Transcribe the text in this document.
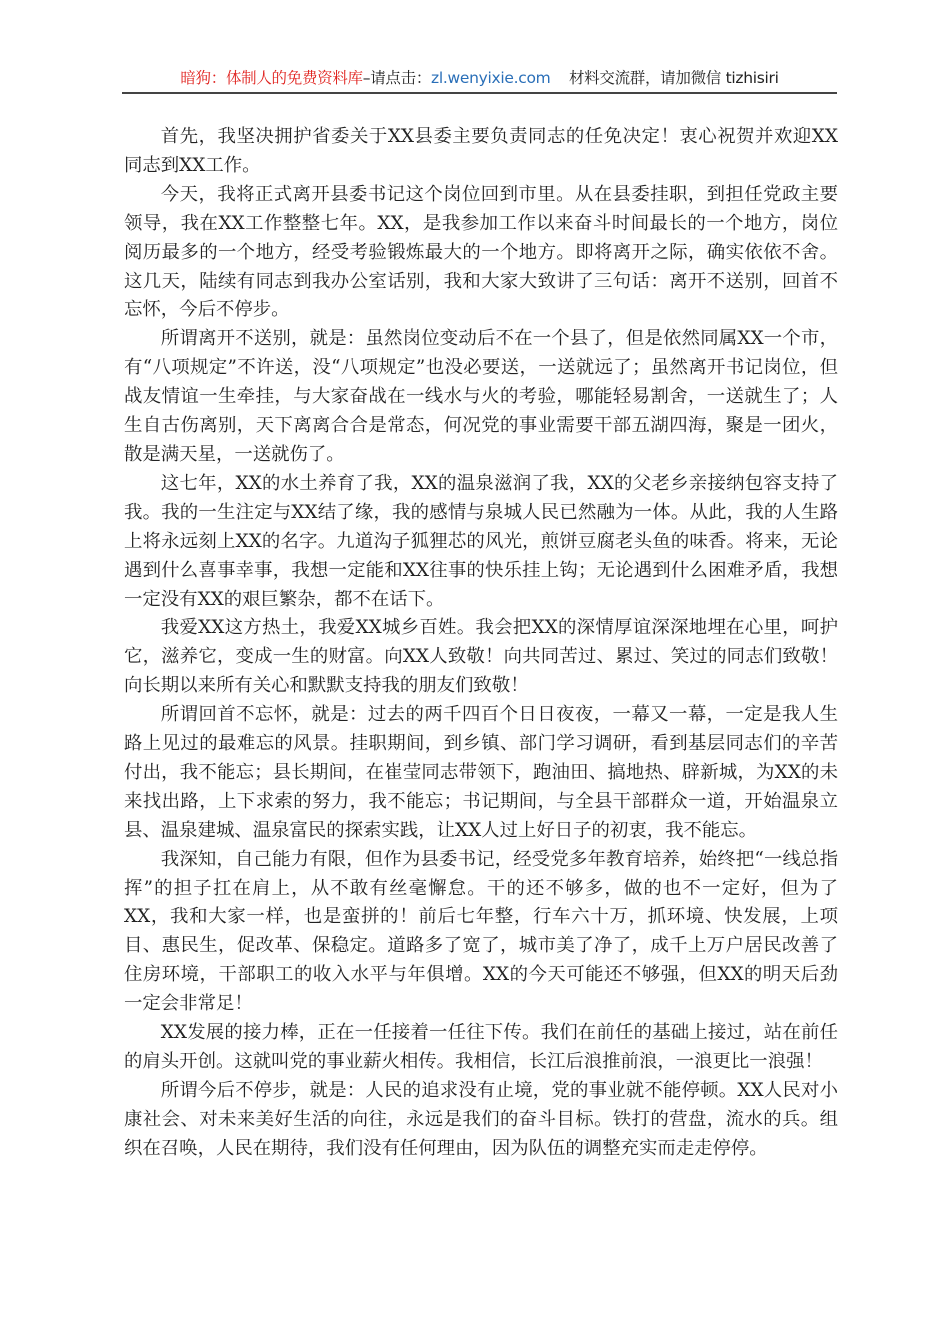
暗狗：体制人的免费资料库–请点击：zl.wenyixie.com 材料交流群，请加微信 tizhisiri

首先，我坚决拥护省委关于XX县委主要负责同志的任免决定！衷心祝贺并欢迎XX同志到XX工作。

今天，我将正式离开县委书记这个岗位回到市里。从在县委挂职，到担任党政主要领导，我在XX工作整整七年。XX，是我参加工作以来奋斗时间最长的一个地方，岗位阅历最多的一个地方，经受考验锻炼最大的一个地方。即将离开之际，确实依依不舍。这几天，陆续有同志到我办公室话别，我和大家大致讲了三句话：离开不送别，回首不忘怀，今后不停步。

所谓离开不送别，就是：虽然岗位变动后不在一个县了，但是依然同属XX一个市，有“八项规定”不许送，没“八项规定”也没必要送，一送就远了；虽然离开书记岗位，但战友情谊一生牵挂，与大家奋战在一线水与火的考验，哪能轻易割舍，一送就生了；人生自古伤离别，天下离离合合是常态，何况党的事业需要干部五湖四海，聚是一团火，散是满天星，一送就伤了。

这七年，XX的水土养育了我，XX的温泉滋润了我，XX的父老乡亲接纳包容支持了我。我的一生注定与XX结了缘，我的感情与泉城人民已然融为一体。从此，我的人生路上将永远刻上XX的名字。九道沟子狐狸芯的风光，煎饼豆腐老头鱼的味香。将来，无论遇到什么喜事幸事，我想一定能和XX往事的快乐挂上钩；无论遇到什么困难矛盾，我想一定没有XX的艰巨繁杂，都不在话下。

我爱XX这方热土，我爱XX城乡百姓。我会把XX的深情厚谊深深地埋在心里，呵护它，滋养它，变成一生的财富。向XX人致敬！向共同苦过、累过、笑过的同志们致敬！向长期以来所有关心和默默支持我的朋友们致敬！

所谓回首不忘怀，就是：过去的两千四百个日日夜夜，一幕又一幕，一定是我人生路上见过的最难忘的风景。挂职期间，到乡镇、部门学习调研，看到基层同志们的辛苦付出，我不能忘；县长期间，在崔莹同志带领下，跑油田、搞地热、辟新城，为XX的未来找出路，上下求索的努力，我不能忘；书记期间，与全县干部群众一道，开始温泉立县、温泉建城、温泉富民的探索实践，让XX人过上好日子的初衷，我不能忘。

我深知，自己能力有限，但作为县委书记，经受党多年教育培养，始终把“一线总指挥”的担子扛在肩上，从不敢有丝毫懈怠。干的还不够多，做的也不一定好，但为了XX，我和大家一样，也是蛮拼的！前后七年整，行车六十万，抓环境、快发展，上项目、惠民生，促改革、保稳定。道路多了宽了，城市美了净了，成千上万户居民改善了住房环境，干部职工的收入水平与年俱增。XX的今天可能还不够强，但XX的明天后劲一定会非常足！

XX发展的接力棒，正在一任接着一任往下传。我们在前任的基础上接过，站在前任的肩头开创。这就叫党的事业薪火相传。我相信，长江后浪推前浪，一浪更比一浪强！

所谓今后不停步，就是：人民的追求没有止境，党的事业就不能停顿。XX人民对小康社会、对未来美好生活的向往，永远是我们的奋斗目标。铁打的营盘，流水的兵。组织在召唤，人民在期待，我们没有任何理由，因为队伍的调整充实而走走停停。
